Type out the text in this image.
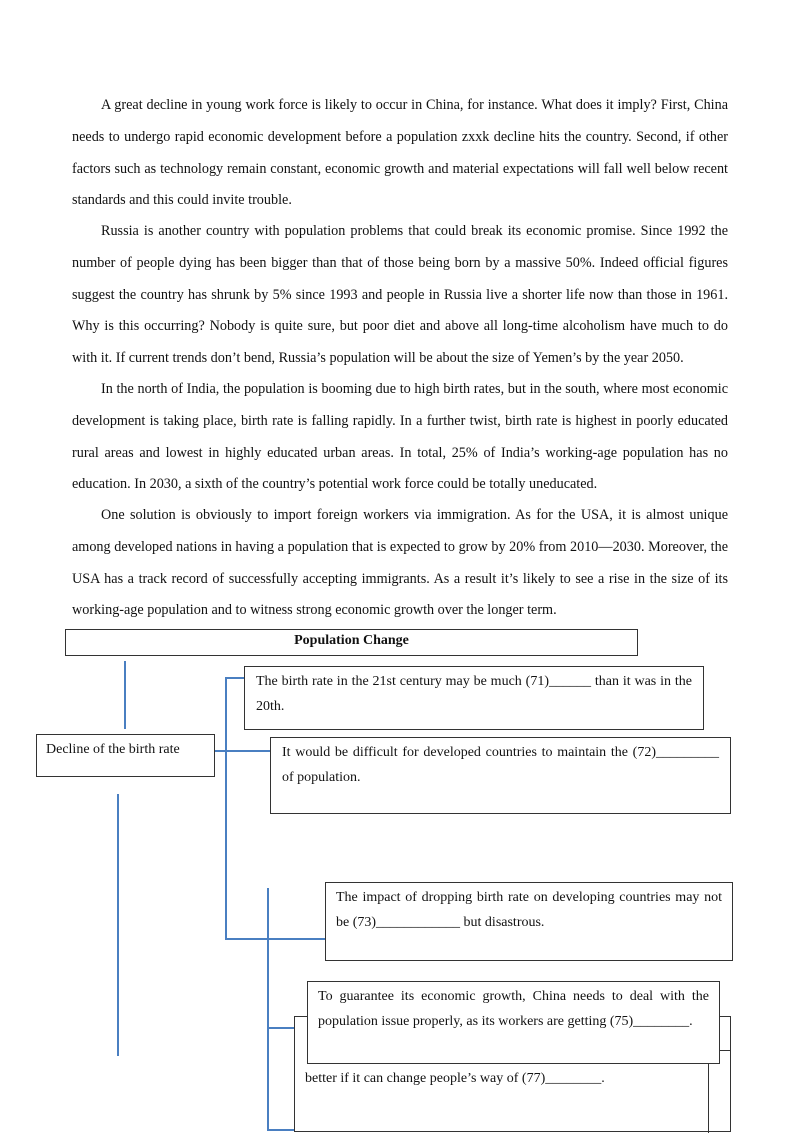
A great decline in young work force is likely to occur in China, for instance. What does it imply? First, China needs to undergo rapid economic development before a population zxxk decline hits the country. Second, if other factors such as technology remain constant, economic growth and material expectations will fall well below recent standards and this could invite trouble.

Russia is another country with population problems that could break its economic promise. Since 1992 the number of people dying has been bigger than that of those being born by a massive 50%. Indeed official figures suggest the country has shrunk by 5% since 1993 and people in Russia live a shorter life now than those in 1961. Why is this occurring? Nobody is quite sure, but poor diet and above all long-time alcoholism have much to do with it. If current trends don’t bend, Russia’s population will be about the size of Yemen’s by the year 2050.

In the north of India, the population is booming due to high birth rates, but in the south, where most economic development is taking place, birth rate is falling rapidly. In a further twist, birth rate is highest in poorly educated rural areas and lowest in highly educated urban areas. In total, 25% of India’s working-age population has no education. In 2030, a sixth of the country’s potential work force could be totally uneducated.

One solution is obviously to import foreign workers via immigration. As for the USA, it is almost unique among developed nations in having a population that is expected to grow by 20% from 2010—2030. Moreover, the USA has a track record of successfully accepting immigrants. As a result it’s likely to see a rise in the size of its working-age population and to witness strong economic growth over the longer term.

Population Change
Decline of the birth rate
The birth rate in the 21st century may be much (71)______ than it was in the 20th.
It would be difficult for developed countries to maintain the (72)_________ of population.
The impact of dropping birth rate on developing countries may not be (73)____________ but disastrous.
better if it can change people’s way of (77)________.
To guarantee its economic growth, China needs to deal with the population issue properly, as its workers are getting (75)________.
